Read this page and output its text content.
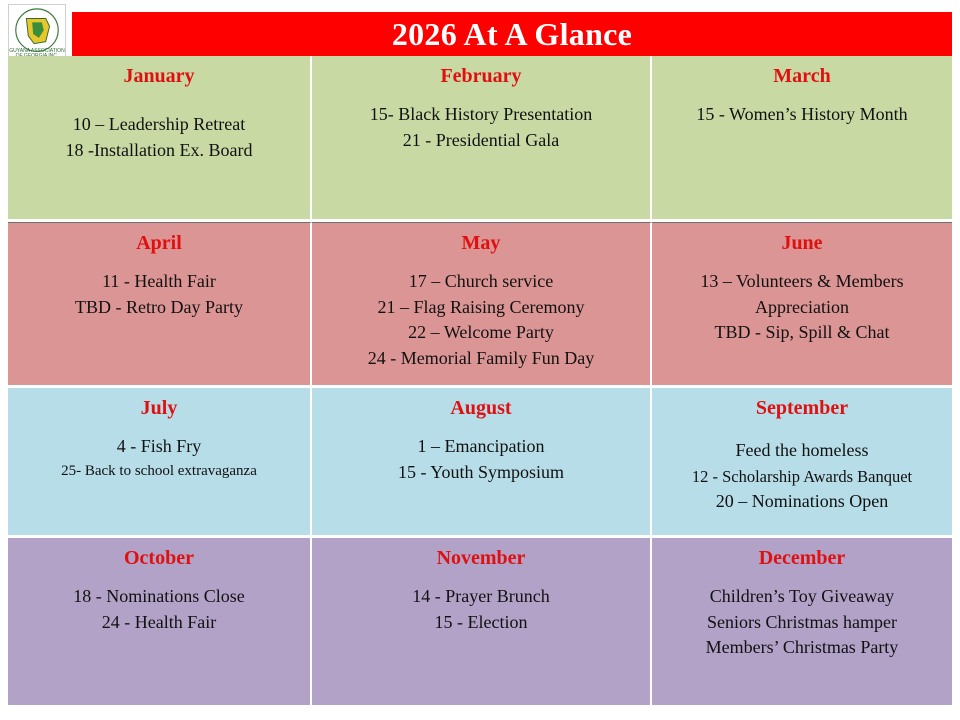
GUYANA ASSOCIATION	2026 At A Glance
January
10 – Leadership Retreat
18 -Installation Ex. Board
February
15- Black History Presentation
21 - Presidential Gala
March
15 - Women’s History Month
April
11 - Health Fair
TBD - Retro Day Party
May
17 – Church service
21 – Flag Raising Ceremony
22 – Welcome Party
24 - Memorial Family Fun Day
June
13 – Volunteers & Members
Appreciation
TBD - Sip, Spill & Chat
July
4 - Fish Fry
25- Back to school extravaganza
August
1 – Emancipation
15 - Youth Symposium
September
Feed the homeless
12 - Scholarship Awards Banquet
20 – Nominations Open
October
18 - Nominations Close
24 - Health Fair
November
14 - Prayer Brunch
15 - Election
December
Children’s Toy Giveaway
Seniors Christmas hamper
Members’ Christmas Party
